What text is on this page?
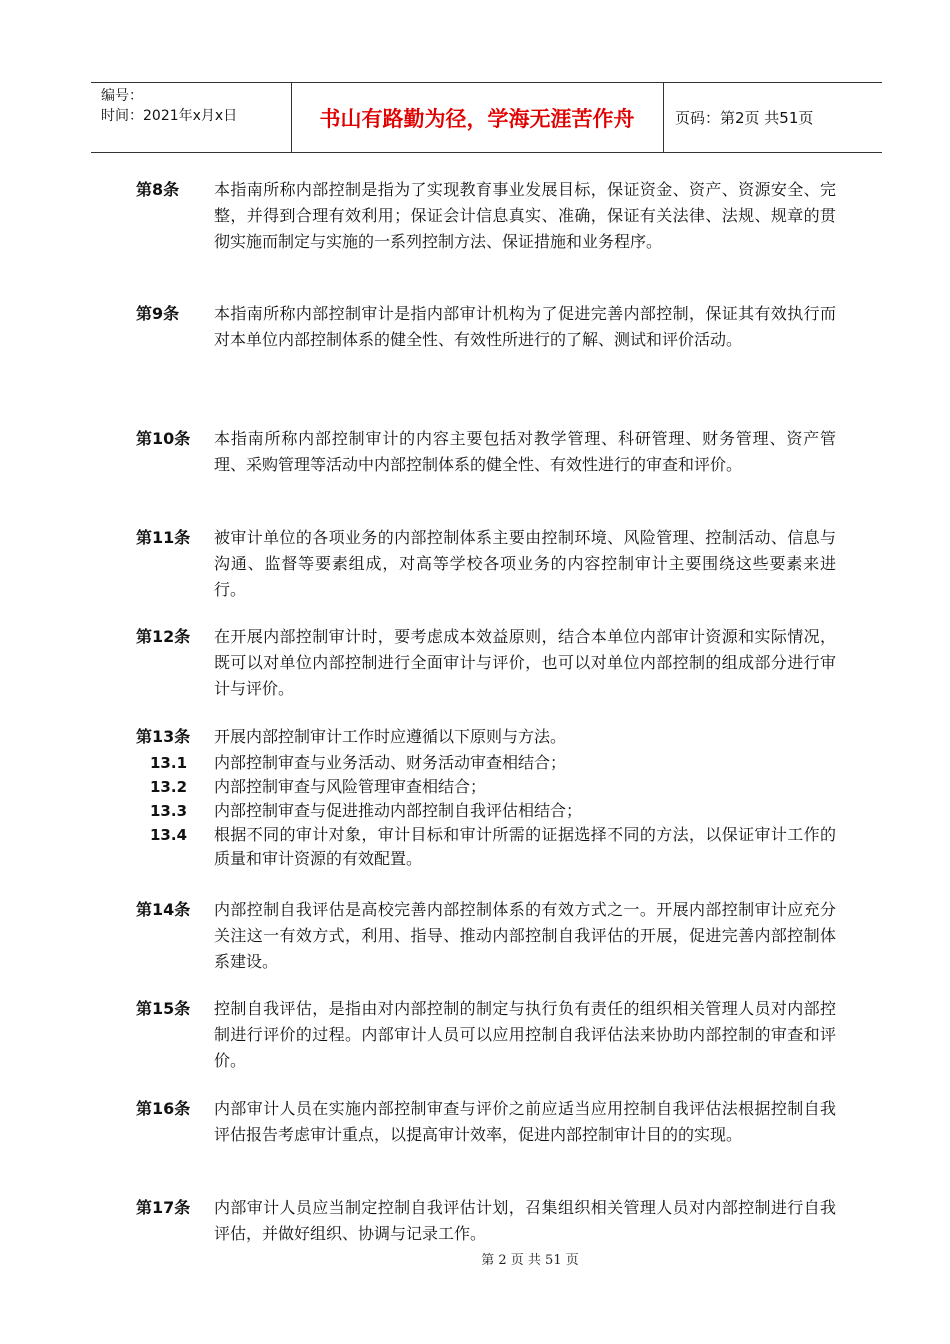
编号：
时间：2021年x月x日	书山有路勤为径，学海无涯苦作舟	页码：第2页 共51页
第8条 本指南所称内部控制是指为了实现教育事业发展目标，保证资金、资产、资源安全、完整，并得到合理有效利用；保证会计信息真实、准确，保证有关法律、法规、规章的贯彻实施而制定与实施的一系列控制方法、保证措施和业务程序。
第9条 本指南所称内部控制审计是指内部审计机构为了促进完善内部控制，保证其有效执行而对本单位内部控制体系的健全性、有效性所进行的了解、测试和评价活动。
第10条 本指南所称内部控制审计的内容主要包括对教学管理、科研管理、财务管理、资产管理、采购管理等活动中内部控制体系的健全性、有效性进行的审查和评价。
第11条 被审计单位的各项业务的内部控制体系主要由控制环境、风险管理、控制活动、信息与沟通、监督等要素组成，对高等学校各项业务的内容控制审计主要围绕这些要素来进行。
第12条 在开展内部控制审计时，要考虑成本效益原则，结合本单位内部审计资源和实际情况，既可以对单位内部控制进行全面审计与评价，也可以对单位内部控制的组成部分进行审计与评价。
第13条 开展内部控制审计工作时应遵循以下原则与方法。
13.1	内部控制审查与业务活动、财务活动审查相结合；
13.2	内部控制审查与风险管理审查相结合；
13.3	内部控制审查与促进推动内部控制自我评估相结合；
13.4	根据不同的审计对象，审计目标和审计所需的证据选择不同的方法，以保证审计工作的质量和审计资源的有效配置。
第14条 内部控制自我评估是高校完善内部控制体系的有效方式之一。开展内部控制审计应充分关注这一有效方式，利用、指导、推动内部控制自我评估的开展，促进完善内部控制体系建设。
第15条 控制自我评估，是指由对内部控制的制定与执行负有责任的组织相关管理人员对内部控制进行评价的过程。内部审计人员可以应用控制自我评估法来协助内部控制的审查和评价。
第16条 内部审计人员在实施内部控制审查与评价之前应适当应用控制自我评估法根据控制自我评估报告考虑审计重点，以提高审计效率，促进内部控制审计目的的实现。
第17条 内部审计人员应当制定控制自我评估计划，召集组织相关管理人员对内部控制进行自我评估，并做好组织、协调与记录工作。
第 2 页 共 51 页
